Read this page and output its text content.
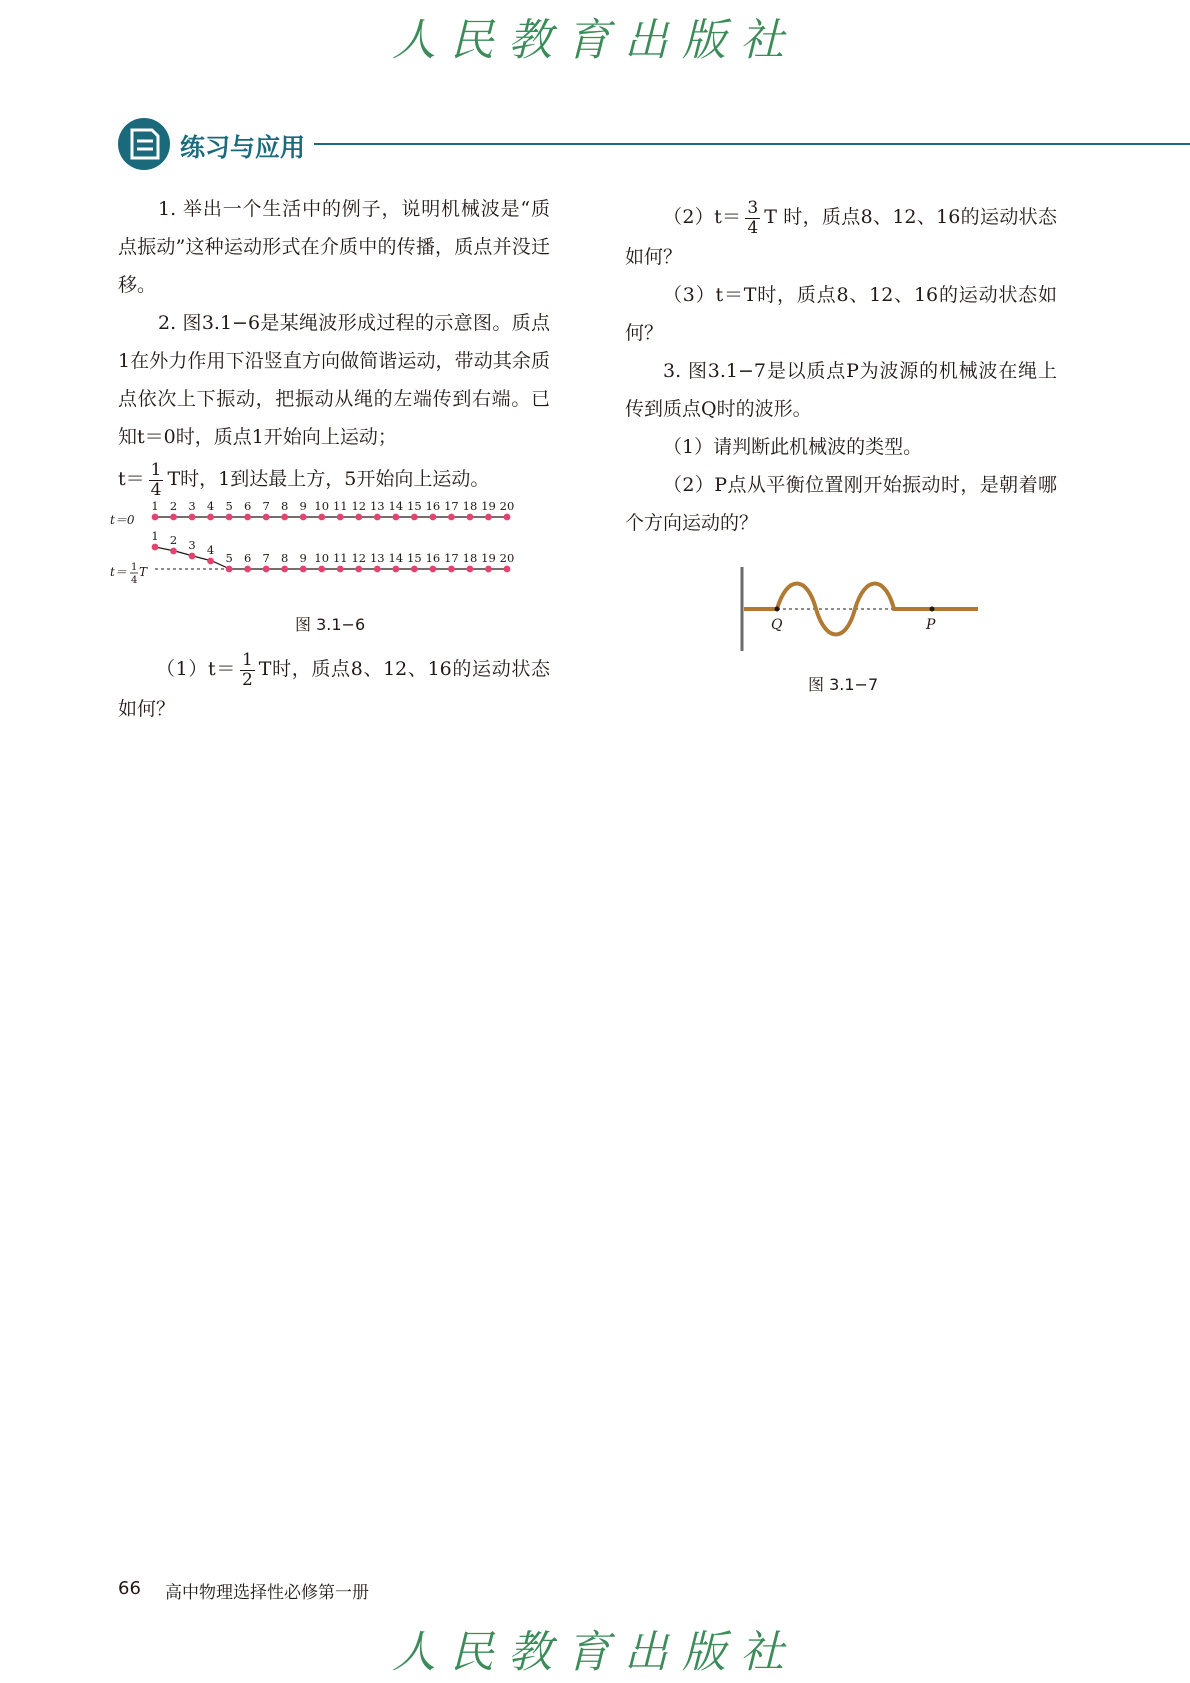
人民教育出版社
练习与应用
1. 举出一个生活中的例子，说明机械波是“质点振动”这种运动形式在介质中的传播，质点并没迁移。
2. 图3.1−6是某绳波形成过程的示意图。质点1在外力作用下沿竖直方向做简谐运动，带动其余质点依次上下振动，把振动从绳的左端传到右端。已知t＝0时，质点1开始向上运动；
$t= \frac{1}{4}$ T时，1到达最上方，5开始向上运动。
t＝0
t＝ 1
4
T
1 2 3 4 5 6 7 8 9 10 11 12 13 14 15 16 17 18 19 20
1 2 3 4
5 6 7 8 9 10 11 12 13 14 15 16 17 18 19 20
图 3.1−6
$(1)t= \frac{1}{2}$ T时，质点8、12、16的运动状态如何？
$(2)t= \frac{3}{4}$ T 时，质点8、12、16的运动状态如何？
（3）t＝T时，质点8、12、16的运动状态如何？
3. 图3.1−7是以质点P为波源的机械波在绳上传到质点Q时的波形。
（1）请判断此机械波的类型。
（2）P点从平衡位置刚开始振动时，是朝着哪个方向运动的？
Q	P
图 3.1−7
66 高中物理选择性必修第一册
人民教育出版社
